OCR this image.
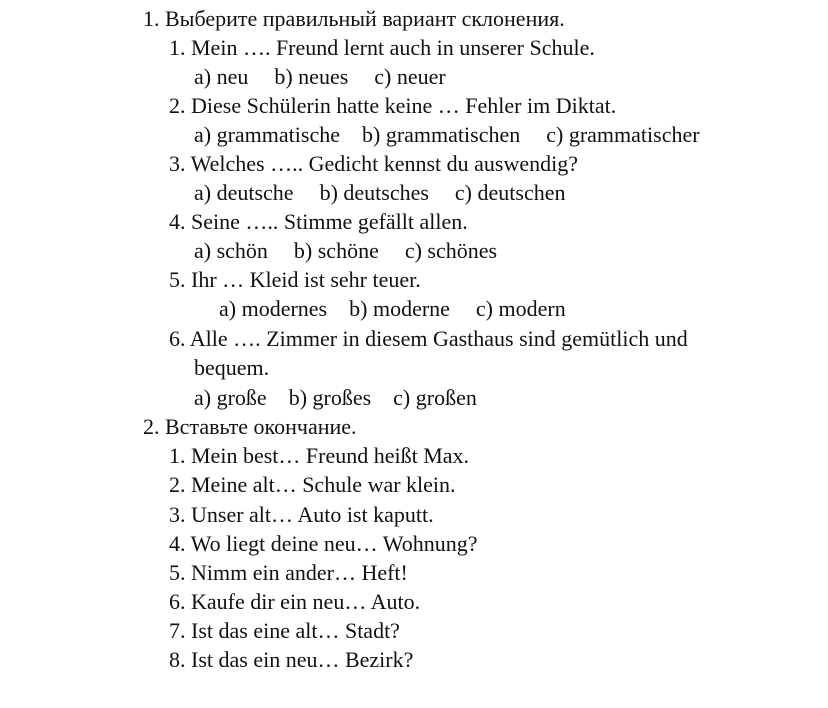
1. Выберите правильный вариант склонения.
1. Mein …. Freund lernt auch in unserer Schule.
a) neu b) neues c) neuer
2. Diese Schülerin hatte keine … Fehler im Diktat.
a) grammatische b) grammatischen c) grammatischer
3. Welches ….. Gedicht kennst du auswendig?
a) deutsche b) deutsches c) deutschen
4. Seine ….. Stimme gefällt allen.
a) schön b) schöne c) schönes
5. Ihr … Kleid ist sehr teuer.
a) modernes b) moderne c) modern
6. Alle …. Zimmer in diesem Gasthaus sind gemütlich und
bequem.
a) große b) großes c) großen
2. Вставьте окончание.
1. Mein best… Freund heißt Max.
2. Meine alt… Schule war klein.
3. Unser alt… Auto ist kaputt.
4. Wo liegt deine neu… Wohnung?
5. Nimm ein ander… Heft!
6. Kaufe dir ein neu… Auto.
7. Ist das eine alt… Stadt?
8. Ist das ein neu… Bezirk?
